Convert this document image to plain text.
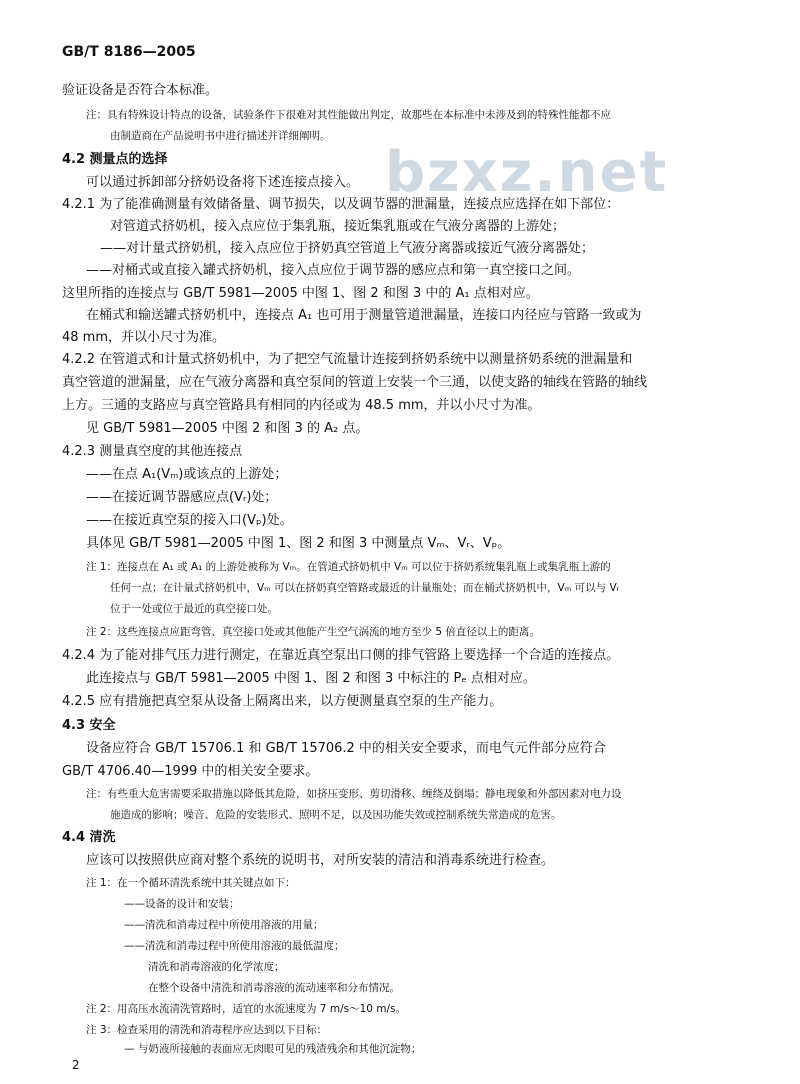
GB/T 8186—2005
bzxz.net
验证设备是否符合本标准。
注：具有特殊设计特点的设备，试验条件下很难对其性能做出判定，故那些在本标准中未涉及到的特殊性能都不应
由制造商在产品说明书中进行描述并详细阐明。
4.2 测量点的选择
可以通过拆卸部分挤奶设备将下述连接点接入。
4.2.1 为了能准确测量有效储备量、调节损失，以及调节器的泄漏量，连接点应选择在如下部位：
对管道式挤奶机，接入点应位于集乳瓶，接近集乳瓶或在气液分离器的上游处；
——对计量式挤奶机，接入点应位于挤奶真空管道上气液分离器或接近气液分离器处；
——对桶式或直接入罐式挤奶机，接入点应位于调节器的感应点和第一真空接口之间。
这里所指的连接点与 GB/T 5981—2005 中图 1、图 2 和图 3 中的 A₁ 点相对应。
在桶式和输送罐式挤奶机中，连接点 A₁ 也可用于测量管道泄漏量，连接口内径应与管路一致或为
48 mm，并以小尺寸为准。
4.2.2 在管道式和计量式挤奶机中，为了把空气流量计连接到挤奶系统中以测量挤奶系统的泄漏量和
真空管道的泄漏量，应在气液分离器和真空泵间的管道上安装一个三通，以使支路的轴线在管路的轴线
上方。三通的支路应与真空管路具有相同的内径或为 48.5 mm，并以小尺寸为准。
见 GB/T 5981—2005 中图 2 和图 3 的 A₂ 点。
4.2.3 测量真空度的其他连接点
——在点 A₁(Vₘ)或该点的上游处；
——在接近调节器感应点(Vᵣ)处；
——在接近真空泵的接入口(Vₚ)处。
具体见 GB/T 5981—2005 中图 1、图 2 和图 3 中测量点 Vₘ、Vᵣ、Vₚ。
注 1：连接点在 A₁ 或 A₁ 的上游处被称为 Vₘ。在管道式挤奶机中 Vₘ 可以位于挤奶系统集乳瓶上或集乳瓶上游的
任何一点；在计量式挤奶机中，Vₘ 可以在挤奶真空管路或最近的计量瓶处；而在桶式挤奶机中，Vₘ 可以与 Vᵣ
位于一处或位于最近的真空接口处。
注 2：这些连接点应距弯管、真空接口处或其他能产生空气涡流的地方至少 5 倍直径以上的距离。
4.2.4 为了能对排气压力进行测定，在靠近真空泵出口侧的排气管路上要选择一个合适的连接点。
此连接点与 GB/T 5981—2005 中图 1、图 2 和图 3 中标注的 Pₑ 点相对应。
4.2.5 应有措施把真空泵从设备上隔离出来，以方便测量真空泵的生产能力。
4.3 安全
设备应符合 GB/T 15706.1 和 GB/T 15706.2 中的相关安全要求，而电气元件部分应符合
GB/T 4706.40—1999 中的相关安全要求。
注：有些重大危害需要采取措施以降低其危险，如挤压变形、剪切滑移、缠绕及倒塌；静电现象和外部因素对电力设
施造成的影响；噪音、危险的安装形式、照明不足，以及因功能失效或控制系统失常造成的危害。
4.4 清洗
应该可以按照供应商对整个系统的说明书，对所安装的清洁和消毒系统进行检查。
注 1：在一个循环清洗系统中其关键点如下：
——设备的设计和安装；
——清洗和消毒过程中所使用溶液的用量；
——清洗和消毒过程中所使用溶液的最低温度；
清洗和消毒溶液的化学浓度；
在整个设备中清洗和消毒溶液的流动速率和分布情况。
注 2：用高压水流清洗管路时，适宜的水流速度为 7 m/s～10 m/s。
注 3：检查采用的清洗和消毒程序应达到以下目标：
— 与奶液所接触的表面应无肉眼可见的残渣残余和其他沉淀物；
2
